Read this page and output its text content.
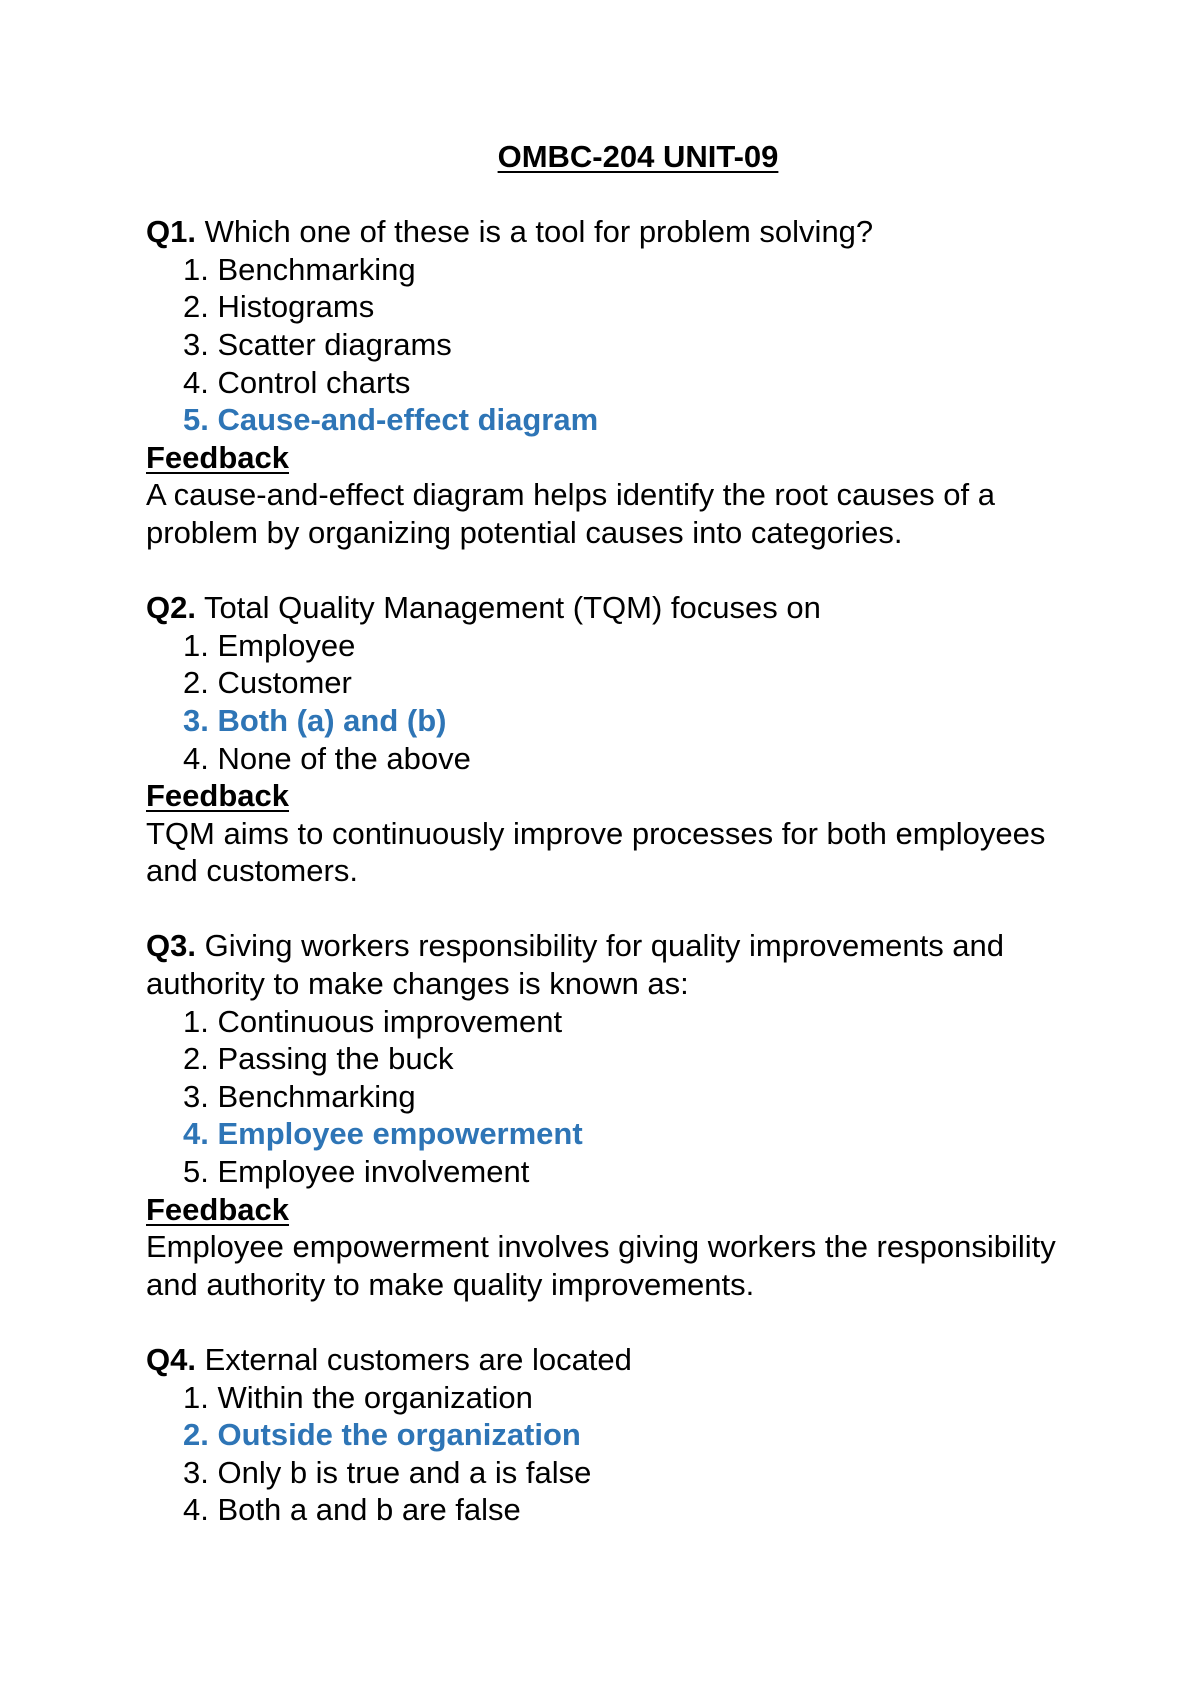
OMBC-204 UNIT-09

Q1. Which one of these is a tool for problem solving?

1. Benchmarking
2. Histograms
3. Scatter diagrams
4. Control charts
5. Cause-and-effect diagram

Feedback

A cause-and-effect diagram helps identify the root causes of a problem by organizing potential causes into categories.

Q2. Total Quality Management (TQM) focuses on

1. Employee
2. Customer
3. Both (a) and (b)
4. None of the above

Feedback

TQM aims to continuously improve processes for both employees and customers.

Q3. Giving workers responsibility for quality improvements and authority to make changes is known as:

1. Continuous improvement
2. Passing the buck
3. Benchmarking
4. Employee empowerment
5. Employee involvement

Feedback

Employee empowerment involves giving workers the responsibility and authority to make quality improvements.

Q4. External customers are located

1. Within the organization
2. Outside the organization
3. Only b is true and a is false
4. Both a and b are false
